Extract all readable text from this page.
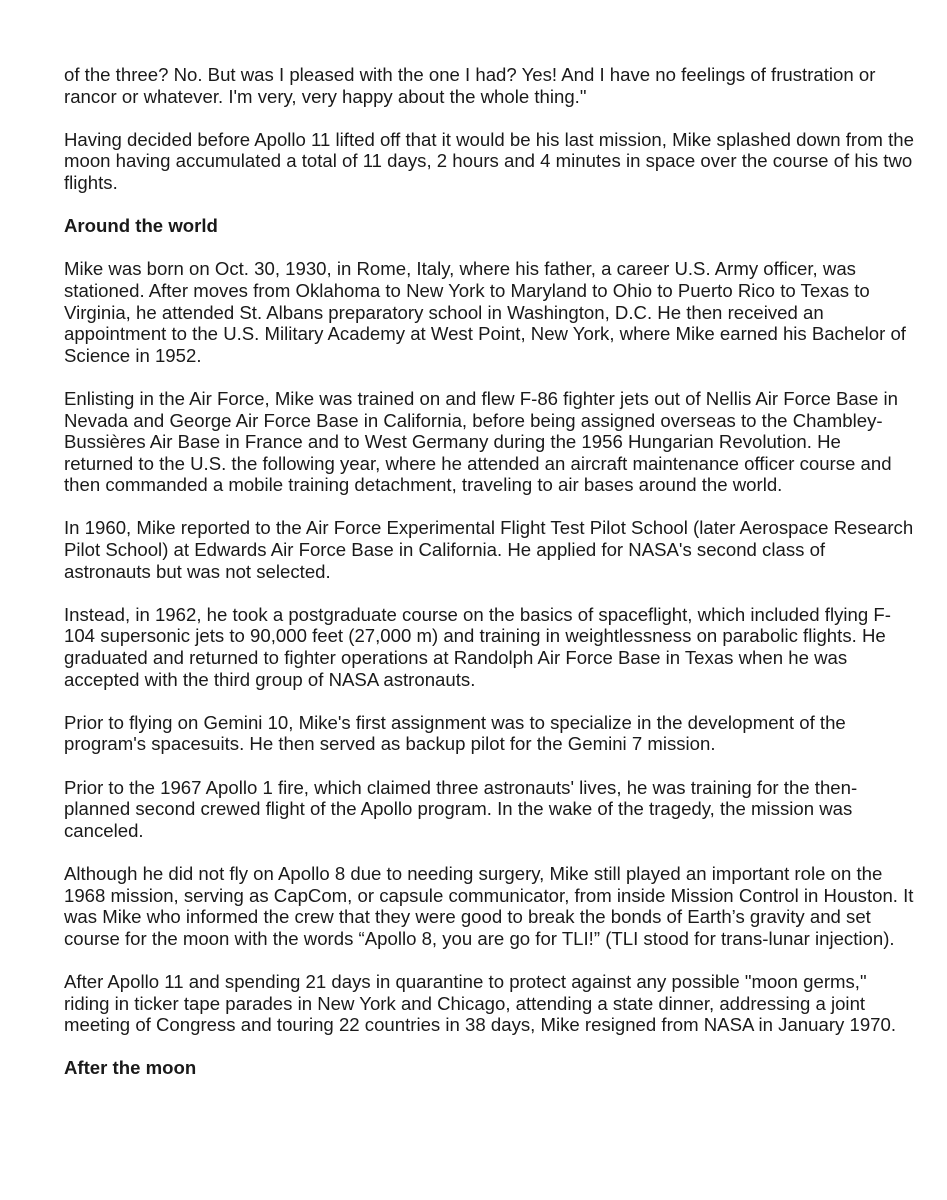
of the three? No. But was I pleased with the one I had? Yes! And I have no feelings of frustration or rancor or whatever. I'm very, very happy about the whole thing."

Having decided before Apollo 11 lifted off that it would be his last mission, Mike splashed down from the moon having accumulated a total of 11 days, 2 hours and 4 minutes in space over the course of his two flights.

Around the world

Mike was born on Oct. 30, 1930, in Rome, Italy, where his father, a career U.S. Army officer, was stationed. After moves from Oklahoma to New York to Maryland to Ohio to Puerto Rico to Texas to Virginia, he attended St. Albans preparatory school in Washington, D.C. He then received an appointment to the U.S. Military Academy at West Point, New York, where Mike earned his Bachelor of Science in 1952.

Enlisting in the Air Force, Mike was trained on and flew F-86 fighter jets out of Nellis Air Force Base in Nevada and George Air Force Base in California, before being assigned overseas to the Chambley-Bussières Air Base in France and to West Germany during the 1956 Hungarian Revolution. He returned to the U.S. the following year, where he attended an aircraft maintenance officer course and then commanded a mobile training detachment, traveling to air bases around the world.

In 1960, Mike reported to the Air Force Experimental Flight Test Pilot School (later Aerospace Research Pilot School) at Edwards Air Force Base in California. He applied for NASA's second class of astronauts but was not selected.

Instead, in 1962, he took a postgraduate course on the basics of spaceflight, which included flying F-104 supersonic jets to 90,000 feet (27,000 m) and training in weightlessness on parabolic flights. He graduated and returned to fighter operations at Randolph Air Force Base in Texas when he was accepted with the third group of NASA astronauts.

Prior to flying on Gemini 10, Mike's first assignment was to specialize in the development of the program's spacesuits. He then served as backup pilot for the Gemini 7 mission.

Prior to the 1967 Apollo 1 fire, which claimed three astronauts' lives, he was training for the then-planned second crewed flight of the Apollo program. In the wake of the tragedy, the mission was canceled.

Although he did not fly on Apollo 8 due to needing surgery, Mike still played an important role on the 1968 mission, serving as CapCom, or capsule communicator, from inside Mission Control in Houston. It was Mike who informed the crew that they were good to break the bonds of Earth’s gravity and set course for the moon with the words “Apollo 8, you are go for TLI!” (TLI stood for trans-lunar injection).

After Apollo 11 and spending 21 days in quarantine to protect against any possible "moon germs," riding in ticker tape parades in New York and Chicago, attending a state dinner, addressing a joint meeting of Congress and touring 22 countries in 38 days, Mike resigned from NASA in January 1970.

After the moon
